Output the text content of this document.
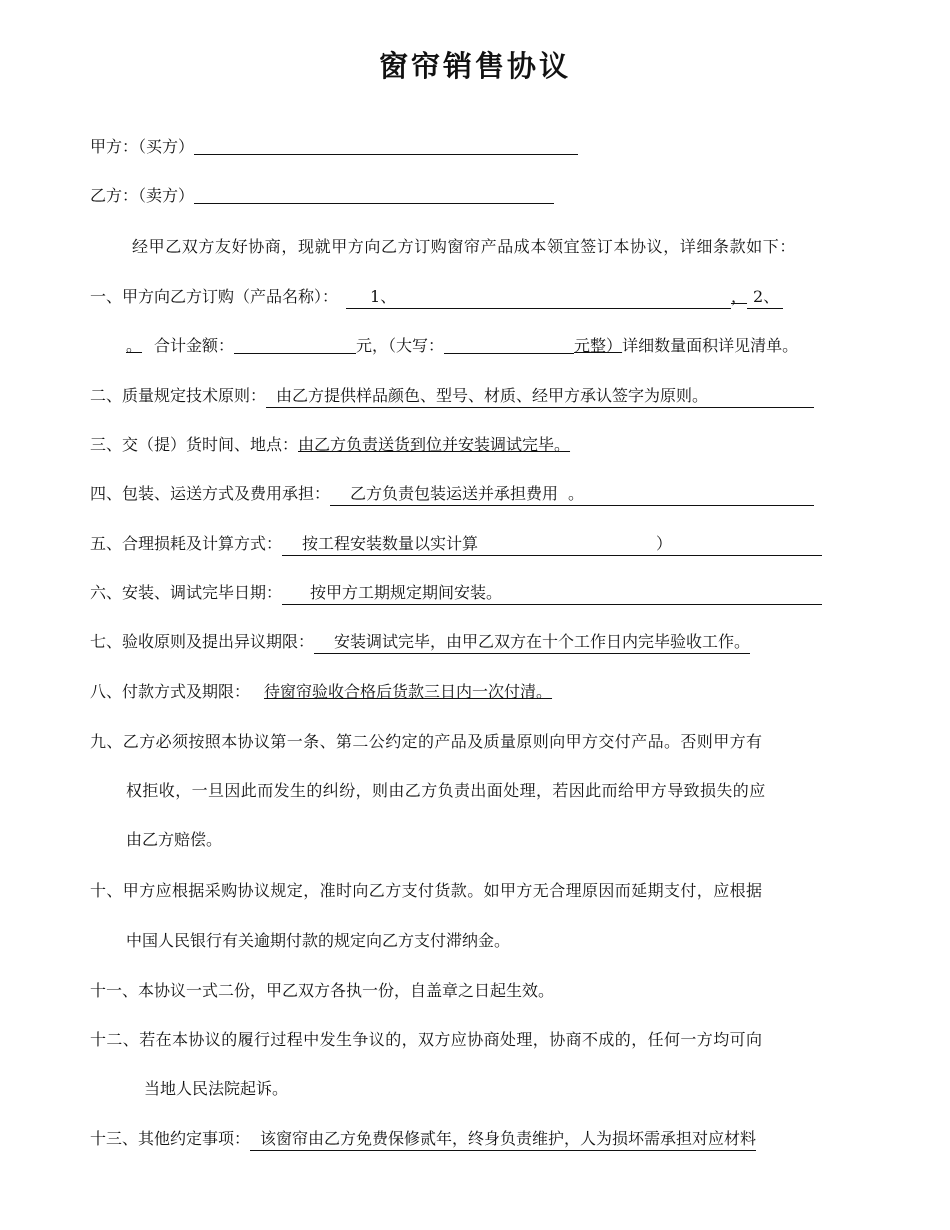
窗帘销售协议
甲方：（买方）
乙方：（卖方）
经甲乙双方友好协商，现就甲方向乙方订购窗帘产品成本领宜签订本协议，详细条款如下：
一、甲方向乙方订购（产品名称）： 1、	， 2、
。 合计金额：	元，（大写：	元整）详细数量面积详见清单。
二、质量规定技术原则： 由乙方提供样品颜色、型号、材质、经甲方承认签字为原则。
三、交（提）货时间、地点：由乙方负责送货到位并安装调试完毕。
四、包装、运送方式及费用承担： 乙方负责包装运送并承担费用 。
五、合理损耗及计算方式： 按工程安装数量以实计算	）
六、安装、调试完毕日期： 按甲方工期规定期间安装。
七、验收原则及提出异议期限： 安装调试完毕，由甲乙双方在十个工作日内完毕验收工作。
八、付款方式及期限： 待窗帘验收合格后货款三日内一次付清。
九、乙方必须按照本协议第一条、第二公约定的产品及质量原则向甲方交付产品。否则甲方有
权拒收，一旦因此而发生的纠纷，则由乙方负责出面处理，若因此而给甲方导致损失的应
由乙方赔偿。
十、甲方应根据采购协议规定，准时向乙方支付货款。如甲方无合理原因而延期支付，应根据
中国人民银行有关逾期付款的规定向乙方支付滞纳金。
十一、本协议一式二份，甲乙双方各执一份，自盖章之日起生效。
十二、若在本协议的履行过程中发生争议的，双方应协商处理，协商不成的，任何一方均可向
当地人民法院起诉。
十三、其他约定事项： 该窗帘由乙方免费保修贰年，终身负责维护，人为损坏需承担对应材料
